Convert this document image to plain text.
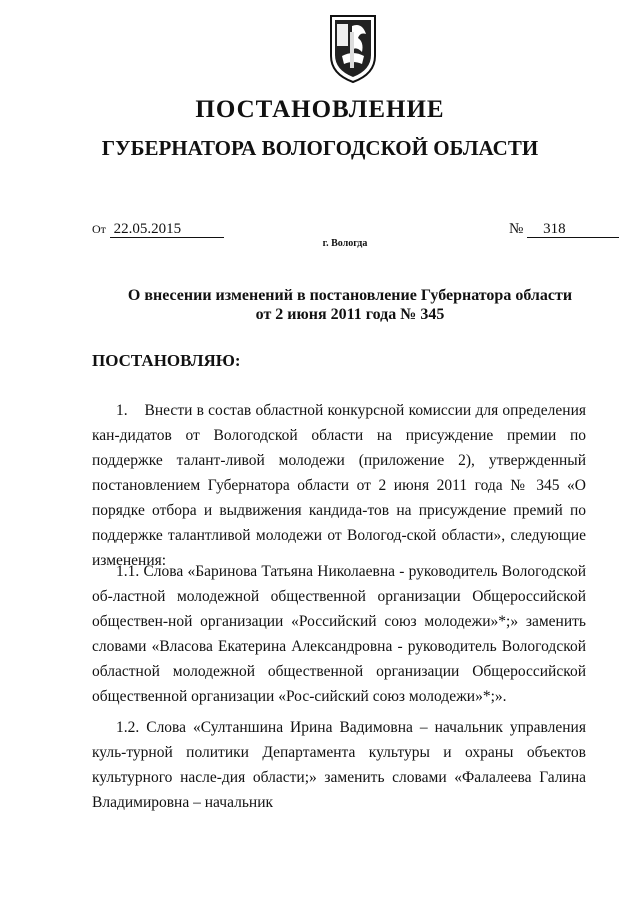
ПОСТАНОВЛЕНИЕ
ГУБЕРНАТОРА ВОЛОГОДСКОЙ ОБЛАСТИ
От 22.05.2015	№ 318
г. Вологда
О внесении изменений в постановление Губернатора области
от 2 июня 2011 года № 345
ПОСТАНОВЛЯЮ:

1.    Внести в состав областной конкурсной комиссии для определения кан-дидатов от Вологодской области на присуждение премии по поддержке талант-ливой молодежи (приложение 2), утвержденный постановлением Губернатора области от 2 июня 2011 года № 345 «О порядке отбора и выдвижения кандида-тов на присуждение премий по поддержке талантливой молодежи от Вологод-ской области», следующие изменения:

1.1. Слова «Баринова Татьяна Николаевна - руководитель Вологодской об-ластной молодежной общественной организации Общероссийской обществен-ной организации «Российский союз молодежи»*;» заменить словами «Власова Екатерина Александровна - руководитель Вологодской областной молодежной общественной организации Общероссийской общественной организации «Рос-сийский союз молодежи»*;».

1.2. Слова «Султаншина Ирина Вадимовна – начальник управления куль-турной политики Департамента культуры и охраны объектов культурного насле-дия области;» заменить словами «Фалалеева Галина Владимировна – начальник
